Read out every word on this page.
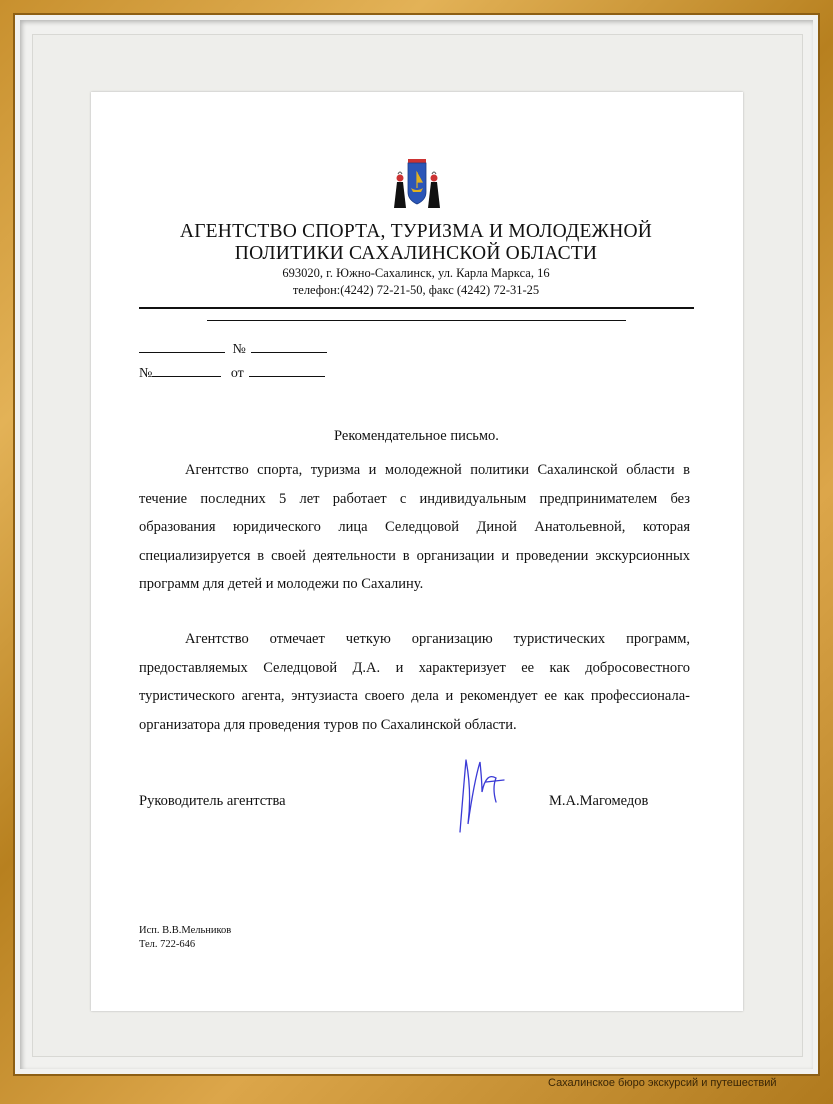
АГЕНТСТВО СПОРТА, ТУРИЗМА И МОЛОДЕЖНОЙ
ПОЛИТИКИ САХАЛИНСКОЙ ОБЛАСТИ
693020, г. Южно-Сахалинск, ул. Карла Маркса, 16
телефон:(4242) 72-21-50, факс (4242) 72-31-25
№
№	от
Рекомендательное письмо.
Агентство спорта, туризма и молодежной политики Сахалинской области в течение последних 5 лет работает с индивидуальным предпринимателем без образования юридического лица Селедцовой Диной Анатольевной, которая специализируется в своей деятельности в организации и проведении экскурсионных программ для детей и молодежи по Сахалину.
Агентство отмечает четкую организацию туристических программ, предоставляемых Селедцовой Д.А. и характеризует ее как добросовестного туристического агента, энтузиаста своего дела и рекомендует ее как профессионала-организатора для проведения туров по Сахалинской области.
Руководитель агентства	М.А.Магомедов
Исп. В.В.Мельников
Тел. 722-646
Сахалинское бюро экскурсий и путешествий
